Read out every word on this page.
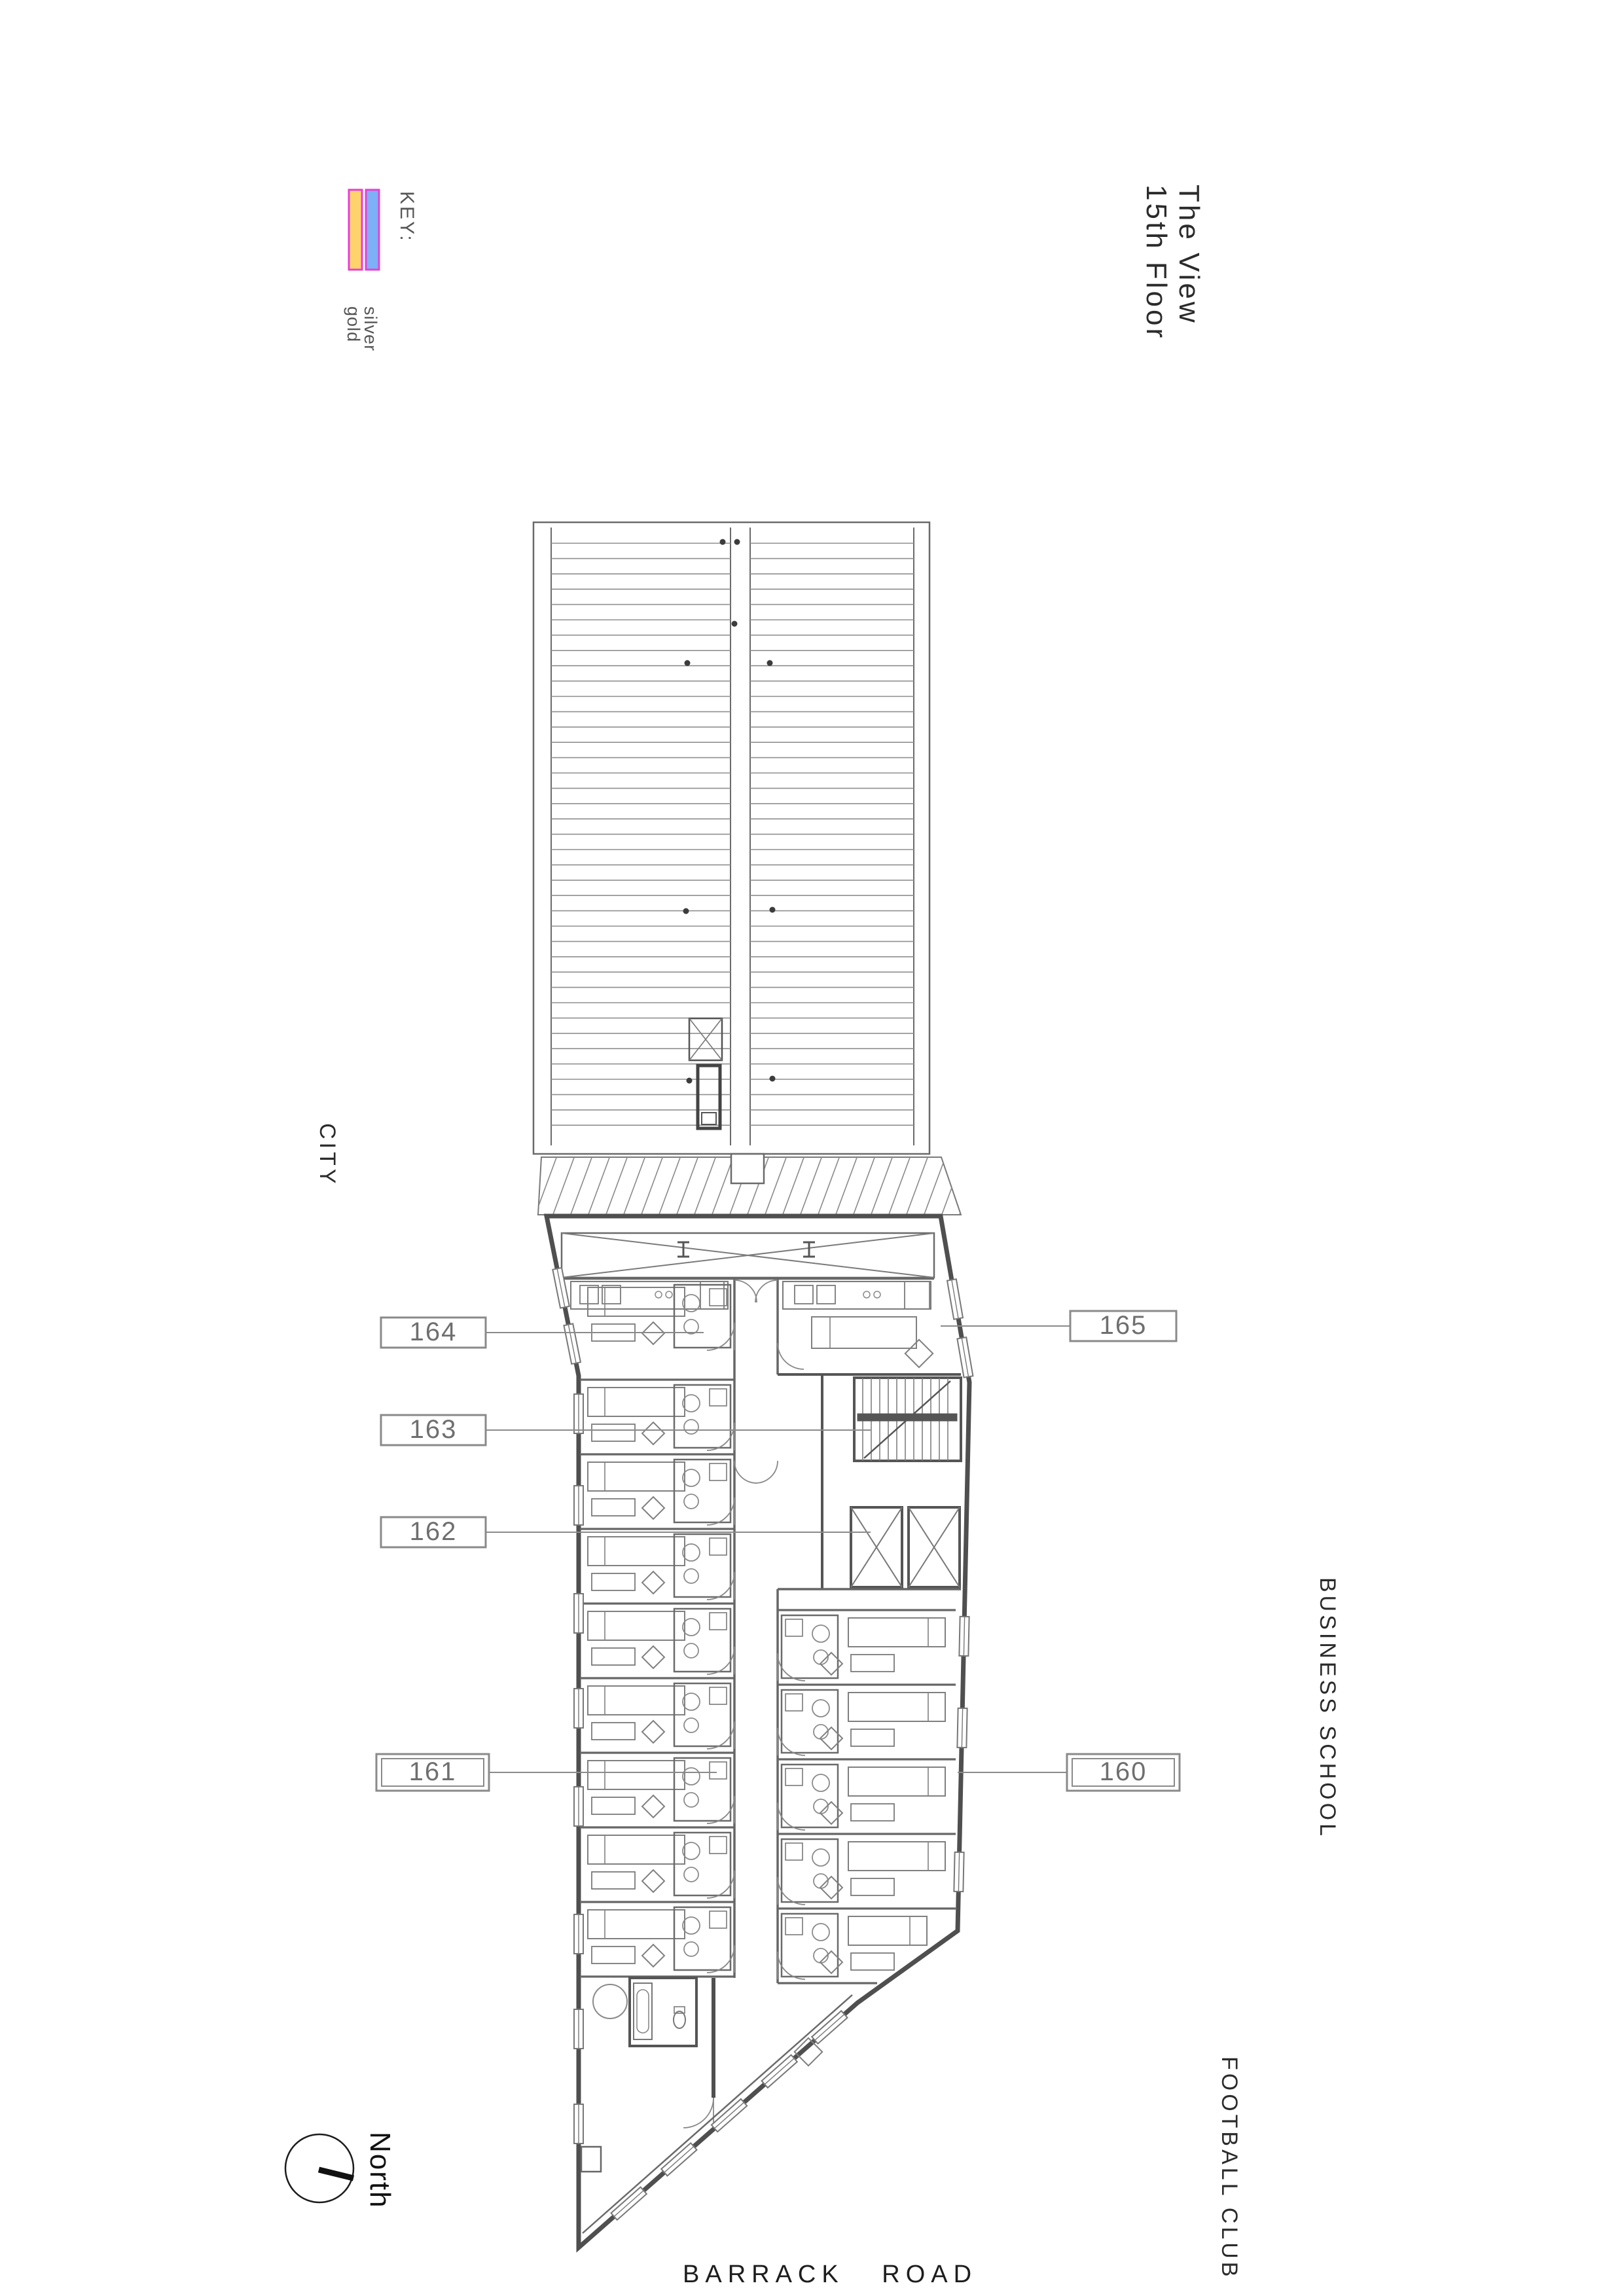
KEY:
gold
silver
The View
15th Floor
CITY
BUSINESS SCHOOL
FOOTBALL CLUB
BARRACK ROAD
North
164
163
162
161
165
160
